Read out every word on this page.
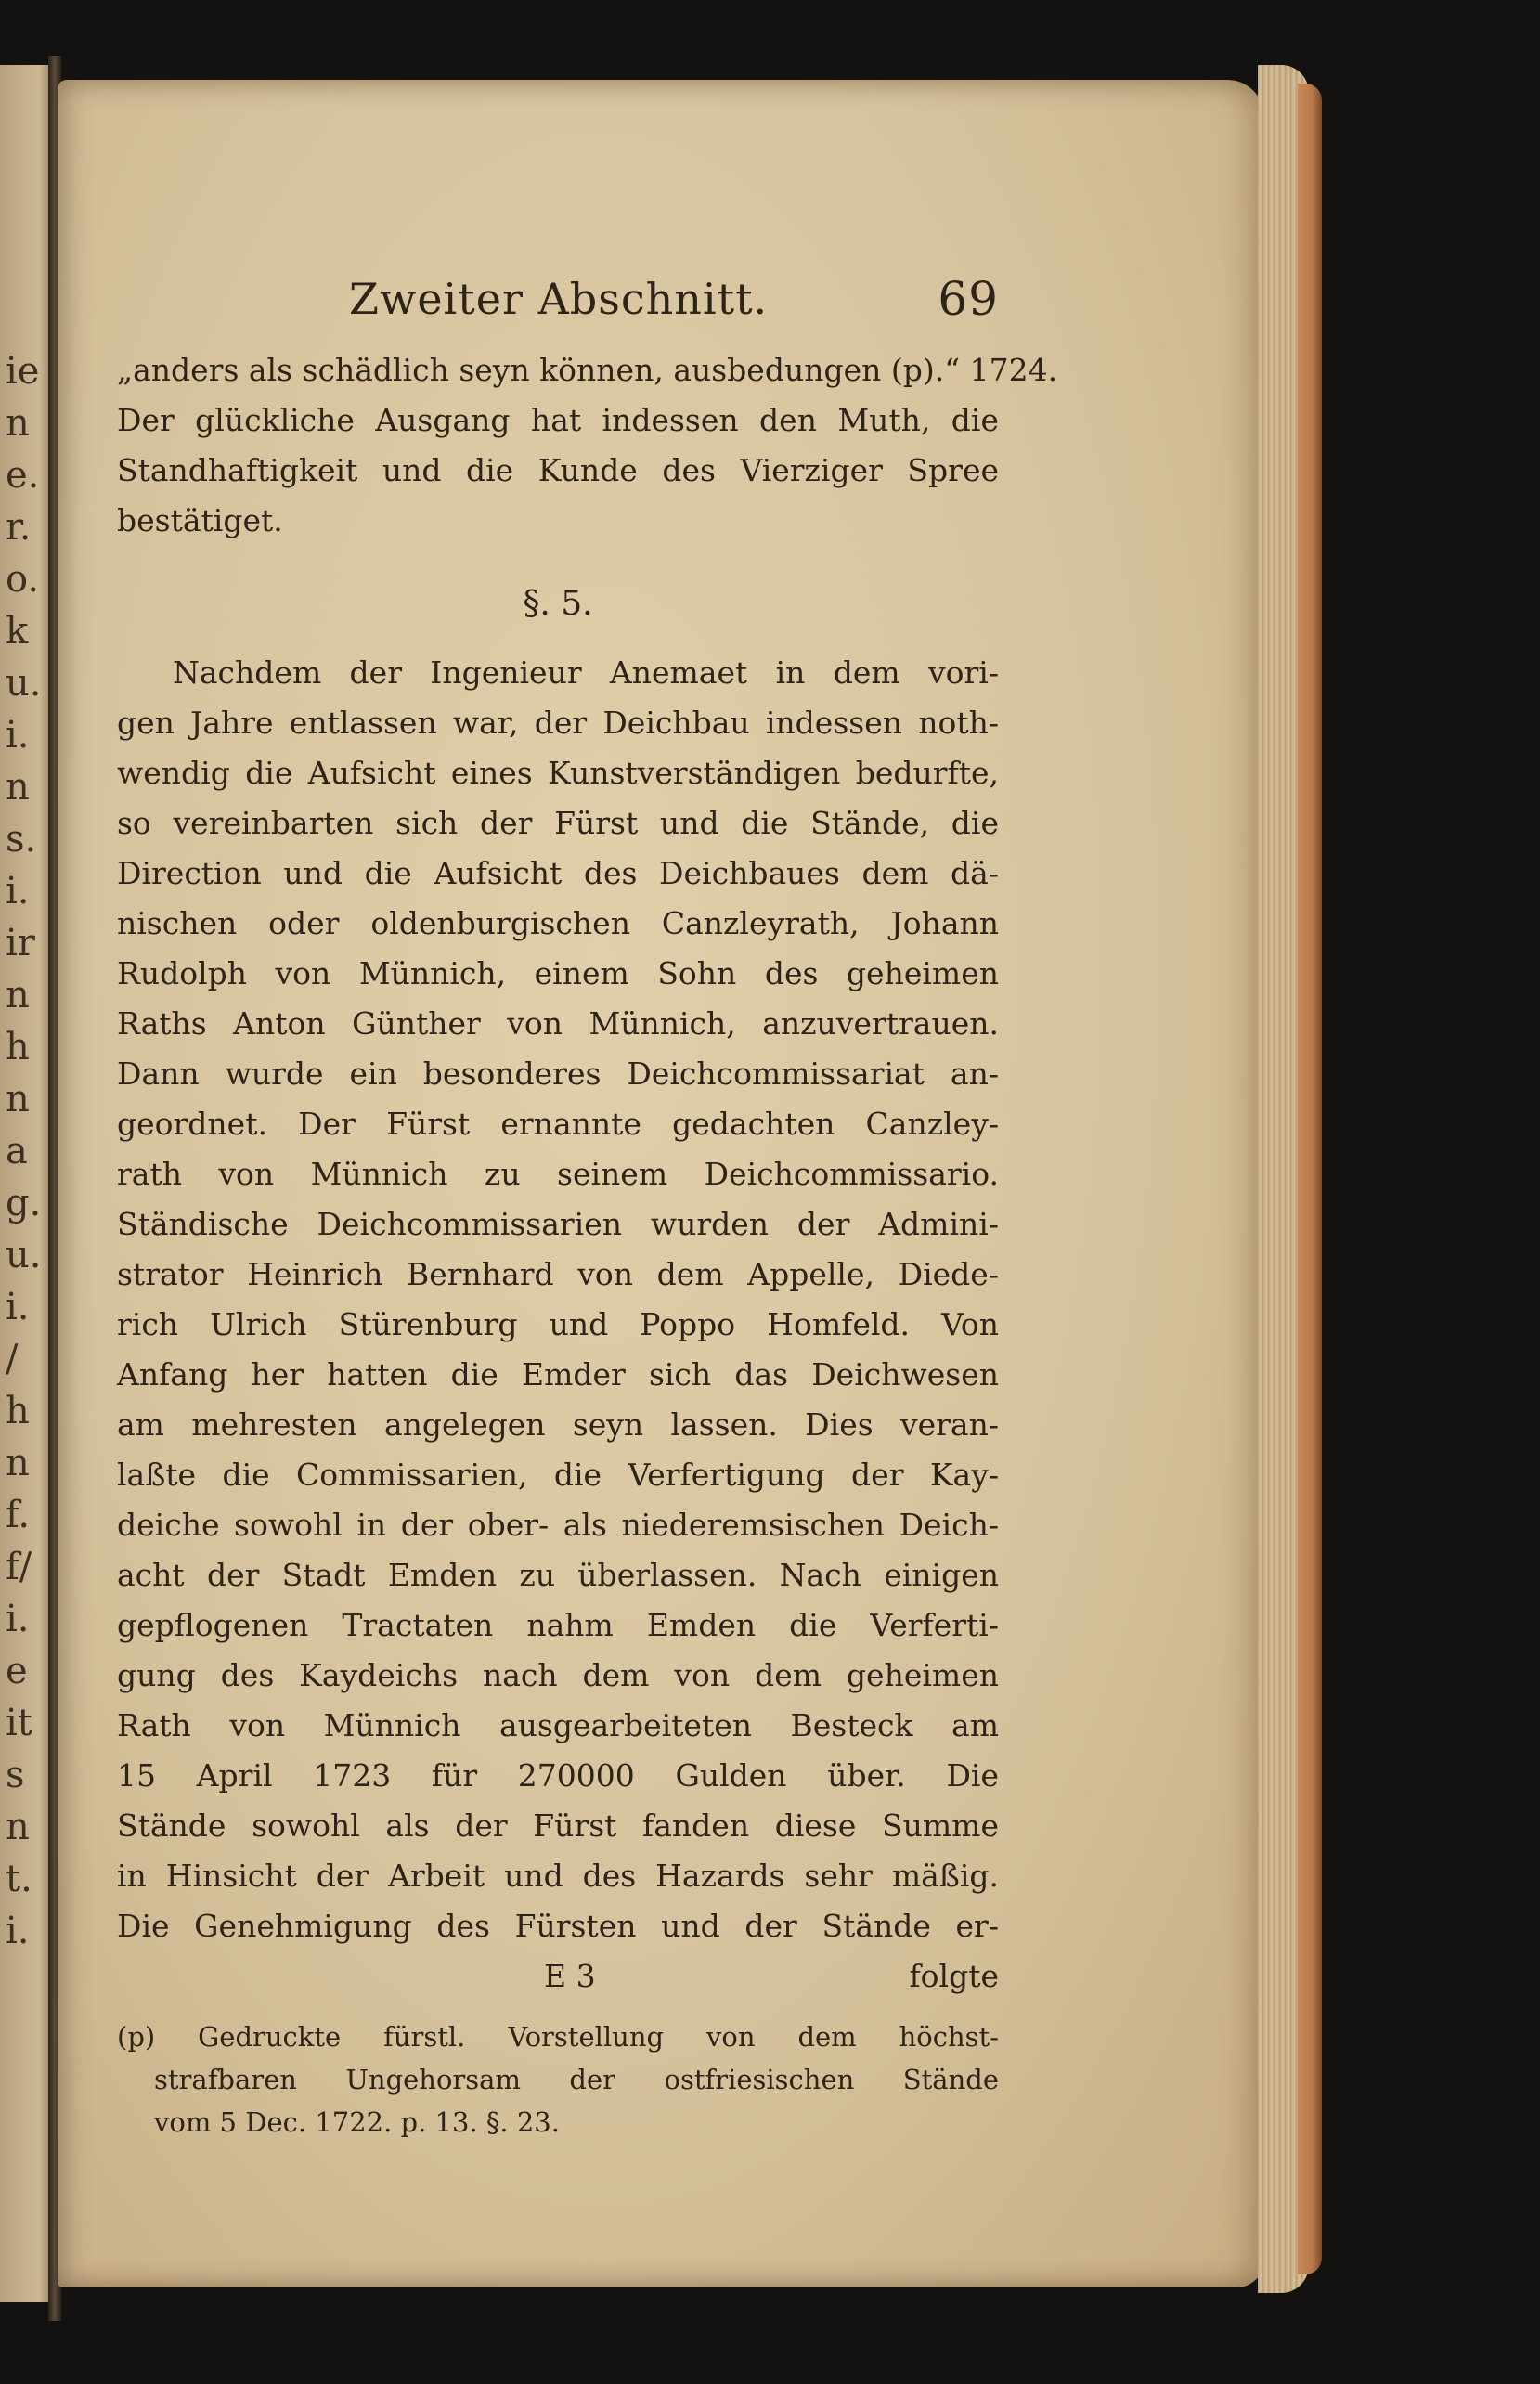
ie
n
e.
r.
o.
k
u.
i.
n
s.
i.
ir
n
h
n
a
g.
u.
i.
/
h
n
f.
f/
i.
e
it
s
n
t.
i.
Zweiter Abschnitt.	69
„anders als schädlich seyn können, ausbedungen (p).“ 1724.
Der glückliche Ausgang hat indessen den Muth, die
Standhaftigkeit und die Kunde des Vierziger Spree
bestätiget.
§. 5.
Nachdem der Ingenieur Anemaet in dem vori-
gen Jahre entlassen war, der Deichbau indessen noth-
wendig die Aufsicht eines Kunstverständigen bedurfte,
so vereinbarten sich der Fürst und die Stände, die
Direction und die Aufsicht des Deichbaues dem dä-
nischen oder oldenburgischen Canzleyrath, Johann
Rudolph von Münnich, einem Sohn des geheimen
Raths Anton Günther von Münnich, anzuvertrauen.
Dann wurde ein besonderes Deichcommissariat an-
geordnet. Der Fürst ernannte gedachten Canzley-
rath von Münnich zu seinem Deichcommissario.
Ständische Deichcommissarien wurden der Admini-
strator Heinrich Bernhard von dem Appelle, Diede-
rich Ulrich Stürenburg und Poppo Homfeld. Von
Anfang her hatten die Emder sich das Deichwesen
am mehresten angelegen seyn lassen. Dies veran-
laßte die Commissarien, die Verfertigung der Kay-
deiche sowohl in der ober- als niederemsischen Deich-
acht der Stadt Emden zu überlassen. Nach einigen
gepflogenen Tractaten nahm Emden die Verferti-
gung des Kaydeichs nach dem von dem geheimen
Rath von Münnich ausgearbeiteten Besteck am
15 April 1723 für 270000 Gulden über. Die
Stände sowohl als der Fürst fanden diese Summe
in Hinsicht der Arbeit und des Hazards sehr mäßig.
Die Genehmigung des Fürsten und der Stände er-
E 3	folgte
(p) Gedruckte fürstl. Vorstellung von dem höchst-
strafbaren Ungehorsam der ostfriesischen Stände
vom 5 Dec. 1722. p. 13. §. 23.
